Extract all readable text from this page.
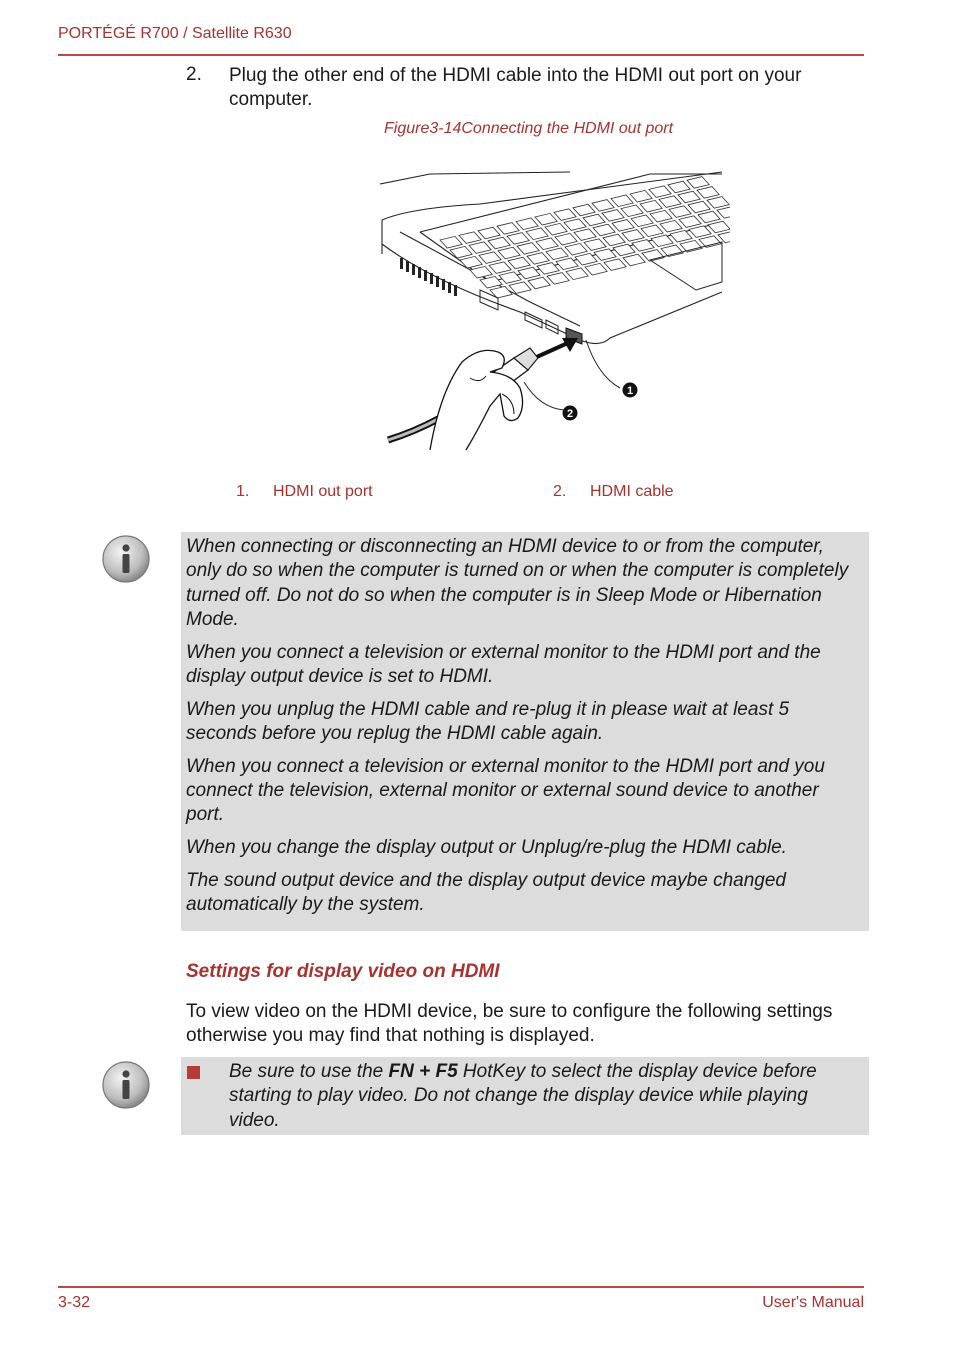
PORTÉGÉ R700 / Satellite R630
2. Plug the other end of the HDMI cable into the HDMI out port on your computer.
Figure3-14Connecting the HDMI out port
1
2
1. HDMI out port	2. HDMI cable

When connecting or disconnecting an HDMI device to or from the computer, only do so when the computer is turned on or when the computer is completely turned off. Do not do so when the computer is in Sleep Mode or Hibernation Mode.

When you connect a television or external monitor to the HDMI port and the display output device is set to HDMI.

When you unplug the HDMI cable and re-plug it in please wait at least 5 seconds before you replug the HDMI cable again.

When you connect a television or external monitor to the HDMI port and you connect the television, external monitor or external sound device to another port.

When you change the display output or Unplug/re-plug the HDMI cable.

The sound output device and the display output device maybe changed automatically by the system.

Settings for display video on HDMI
To view video on the HDMI device, be sure to configure the following settings otherwise you may find that nothing is displayed.
Be sure to use the FN + F5 HotKey to select the display device before starting to play video. Do not change the display device while playing video.
3-32	User's Manual
